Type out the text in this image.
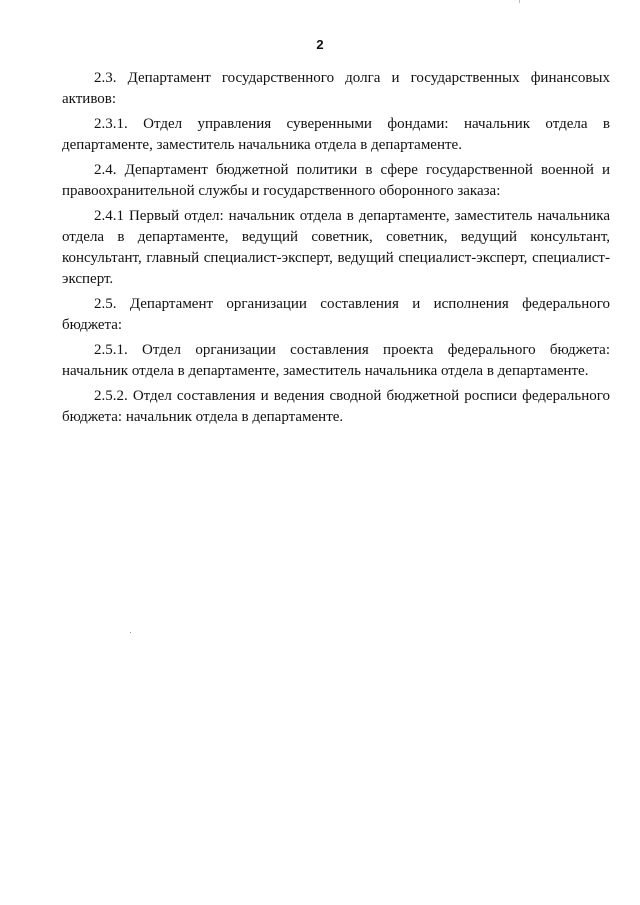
2

2.3. Департамент государственного долга и государственных финансовых активов:

2.3.1. Отдел управления суверенными фондами: начальник отдела в департаменте, заместитель начальника отдела в департаменте.

2.4. Департамент бюджетной политики в сфере государственной военной и правоохранительной службы и государственного оборонного заказа:

2.4.1 Первый отдел: начальник отдела в департаменте, заместитель начальника отдела в департаменте, ведущий советник, советник, ведущий консультант, консультант, главный специалист-эксперт, ведущий специалист-эксперт, специалист-эксперт.

2.5. Департамент организации составления и исполнения федерального бюджета:

2.5.1. Отдел организации составления проекта федерального бюджета: начальник отдела в департаменте, заместитель начальника отдела в департаменте.

2.5.2. Отдел составления и ведения сводной бюджетной росписи федерального бюджета: начальник отдела в департаменте.
